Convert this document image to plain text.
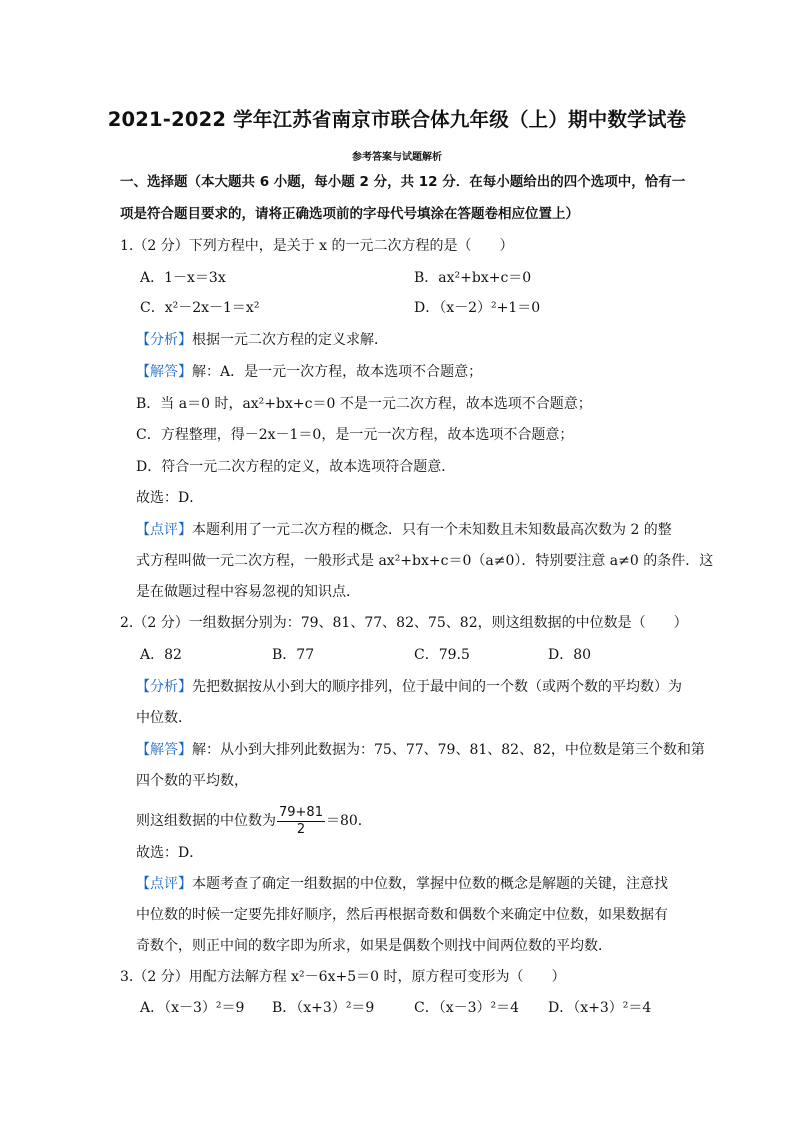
2021-2022 学年江苏省南京市联合体九年级（上）期中数学试卷
参考答案与试题解析
一、选择题（本大题共 6 小题，每小题 2 分，共 12 分．在每小题给出的四个选项中，恰有一
项是符合题目要求的，请将正确选项前的字母代号填涂在答题卷相应位置上）
1.（2 分）下列方程中，是关于 x 的一元二次方程的是（　　）
A．1－x＝3x	B．ax²+bx+c＝0
C．x²－2x－1＝x²	D．（x－2）²+1＝0
【分析】根据一元二次方程的定义求解．
【解答】解：A．是一元一次方程，故本选项不合题意；
B．当 a＝0 时，ax²+bx+c＝0 不是一元二次方程，故本选项不合题意；
C．方程整理，得－2x－1＝0，是一元一次方程，故本选项不合题意；
D．符合一元二次方程的定义，故本选项符合题意．
故选：D．
【点评】本题利用了一元二次方程的概念．只有一个未知数且未知数最高次数为 2 的整
式方程叫做一元二次方程，一般形式是 ax²+bx+c＝0（a≠0）．特别要注意 a≠0 的条件．这
是在做题过程中容易忽视的知识点．
2.（2 分）一组数据分别为：79、81、77、82、75、82，则这组数据的中位数是（　　）
A．82	B．77	C．79.5	D．80
【分析】先把数据按从小到大的顺序排列，位于最中间的一个数（或两个数的平均数）为
中位数．
【解答】解：从小到大排列此数据为：75、77、79、81、82、82，中位数是第三个数和第
四个数的平均数，
则这组数据的中位数为 $\frac{79+81}{2} =80$．
故选：D．
【点评】本题考查了确定一组数据的中位数，掌握中位数的概念是解题的关键，注意找
中位数的时候一定要先排好顺序，然后再根据奇数和偶数个来确定中位数，如果数据有
奇数个，则正中间的数字即为所求，如果是偶数个则找中间两位数的平均数．
3.（2 分）用配方法解方程 x²－6x+5＝0 时，原方程可变形为（　　）
A．（x－3）²＝9 B．（x+3）²＝9	C．（x－3）²＝4 D．（x+3）²＝4
